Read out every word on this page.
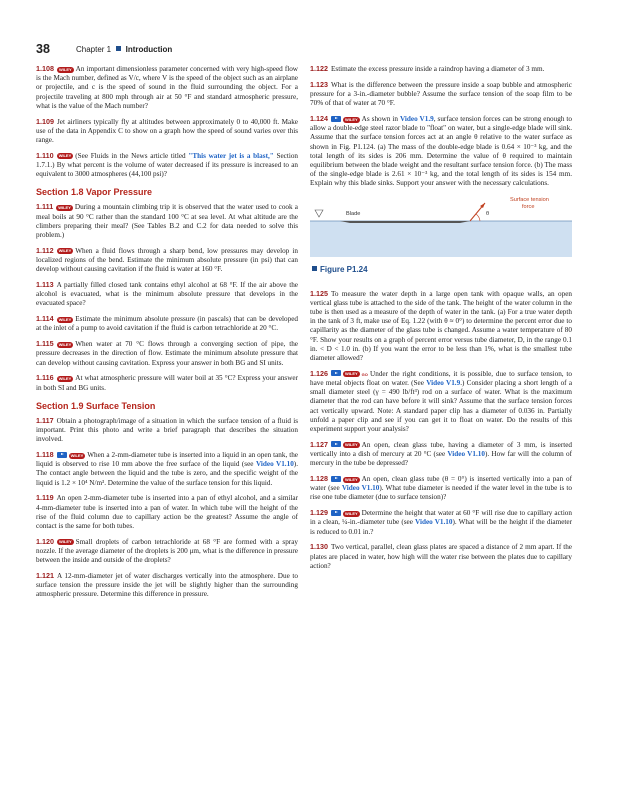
38	Chapter 1 Introduction
1.108 WILEY An important dimensionless parameter concerned with very high-speed flow is the Mach number, defined as V/c, where V is the speed of the object such as an airplane or projectile, and c is the speed of sound in the fluid surrounding the object. For a projectile traveling at 800 mph through air at 50 °F and standard atmospheric pressure, what is the value of the Mach number?
1.109 Jet airliners typically fly at altitudes between approximately 0 to 40,000 ft. Make use of the data in Appendix C to show on a graph how the speed of sound varies over this range.
1.110 WILEY (See Fluids in the News article titled "This water jet is a blast," Section 1.7.1.) By what percent is the volume of water decreased if its pressure is increased to an equivalent to 3000 atmospheres (44,100 psi)?
Section 1.8 Vapor Pressure
1.111 WILEY During a mountain climbing trip it is observed that the water used to cook a meal boils at 90 °C rather than the standard 100 °C at sea level. At what altitude are the climbers preparing their meal? (See Tables B.2 and C.2 for data needed to solve this problem.)
1.112 WILEY When a fluid flows through a sharp bend, low pressures may develop in localized regions of the bend. Estimate the minimum absolute pressure (in psi) that can develop without causing cavitation if the fluid is water at 160 °F.
1.113 A partially filled closed tank contains ethyl alcohol at 68 °F. If the air above the alcohol is evacuated, what is the minimum absolute pressure that develops in the evacuated space?
1.114 WILEY Estimate the minimum absolute pressure (in pascals) that can be developed at the inlet of a pump to avoid cavitation if the fluid is carbon tetrachloride at 20 °C.
1.115 WILEY When water at 70 °C flows through a converging section of pipe, the pressure decreases in the direction of flow. Estimate the minimum absolute pressure that can develop without causing cavitation. Express your answer in both BG and SI units.
1.116 WILEY At what atmospheric pressure will water boil at 35 °C? Express your answer in both SI and BG units.
Section 1.9 Surface Tension
1.117 Obtain a photograph/image of a situation in which the surface tension of a fluid is important. Print this photo and write a brief paragraph that describes the situation involved.
1.118	WILEY When a 2-mm-diameter tube is inserted into a liquid in an open tank, the liquid is observed to rise 10 mm above the free surface of the liquid (see Video V1.10). The contact angle between the liquid and the tube is zero, and the specific weight of the liquid is 1.2 × 10⁴ N/m³. Determine the value of the surface tension for this liquid.
1.119 An open 2-mm-diameter tube is inserted into a pan of ethyl alcohol, and a similar 4-mm-diameter tube is inserted into a pan of water. In which tube will the height of the rise of the fluid column due to capillary action be the greatest? Assume the angle of contact is the same for both tubes.
1.120 WILEY Small droplets of carbon tetrachloride at 68 °F are formed with a spray nozzle. If the average diameter of the droplets is 200 μm, what is the difference in pressure between the inside and outside of the droplets?
1.121 A 12-mm-diameter jet of water discharges vertically into the atmosphere. Due to surface tension the pressure inside the jet will be slightly higher than the surrounding atmospheric pressure. Determine this difference in pressure.
1.122 Estimate the excess pressure inside a raindrop having a diameter of 3 mm.
1.123 What is the difference between the pressure inside a soap bubble and atmospheric pressure for a 3-in.-diameter bubble? Assume the surface tension of the soap film to be 70% of that of water at 70 °F.
1.124	WILEY As shown in Video V1.9, surface tension forces can be strong enough to allow a double-edge steel razor blade to "float" on water, but a single-edge blade will sink. Assume that the surface tension forces act at an angle θ relative to the water surface as shown in Fig. P1.124. (a) The mass of the double-edge blade is 0.64 × 10⁻³ kg, and the total length of its sides is 206 mm. Determine the value of θ required to maintain equilibrium between the blade weight and the resultant surface tension force. (b) The mass of the single-edge blade is 2.61 × 10⁻³ kg, and the total length of its sides is 154 mm. Explain why this blade sinks. Support your answer with the necessary calculations.
Surface tension
force
Blade	θ
Figure P1.24
1.125 To measure the water depth in a large open tank with opaque walls, an open vertical glass tube is attached to the side of the tank. The height of the water column in the tube is then used as a measure of the depth of water in the tank. (a) For a true water depth in the tank of 3 ft, make use of Eq. 1.22 (with θ ≈ 0°) to determine the percent error due to capillarity as the diameter of the glass tube is changed. Assume a water temperature of 80 °F. Show your results on a graph of percent error versus tube diameter, D, in the range 0.1 in. < D < 1.0 in. (b) If you want the error to be less than 1%, what is the smallest tube diameter allowed?
1.126	WILEY GO Under the right conditions, it is possible, due to surface tension, to have metal objects float on water. (See Video V1.9.) Consider placing a short length of a small diameter steel (γ = 490 lb/ft³) rod on a surface of water. What is the maximum diameter that the rod can have before it will sink? Assume that the surface tension forces act vertically upward. Note: A standard paper clip has a diameter of 0.036 in. Partially unfold a paper clip and see if you can get it to float on water. Do the results of this experiment support your analysis?
1.127	WILEY An open, clean glass tube, having a diameter of 3 mm, is inserted vertically into a dish of mercury at 20 °C (see Video V1.10). How far will the column of mercury in the tube be depressed?
1.128	WILEY An open, clean glass tube (θ = 0°) is inserted vertically into a pan of water (see Video V1.10). What tube diameter is needed if the water level in the tube is to rise one tube diameter (due to surface tension)?
1.129	WILEY Determine the height that water at 60 °F will rise due to capillary action in a clean, ¼-in.-diameter tube (see Video V1.10). What will be the height if the diameter is reduced to 0.01 in.?
1.130 Two vertical, parallel, clean glass plates are spaced a distance of 2 mm apart. If the plates are placed in water, how high will the water rise between the plates due to capillary action?
